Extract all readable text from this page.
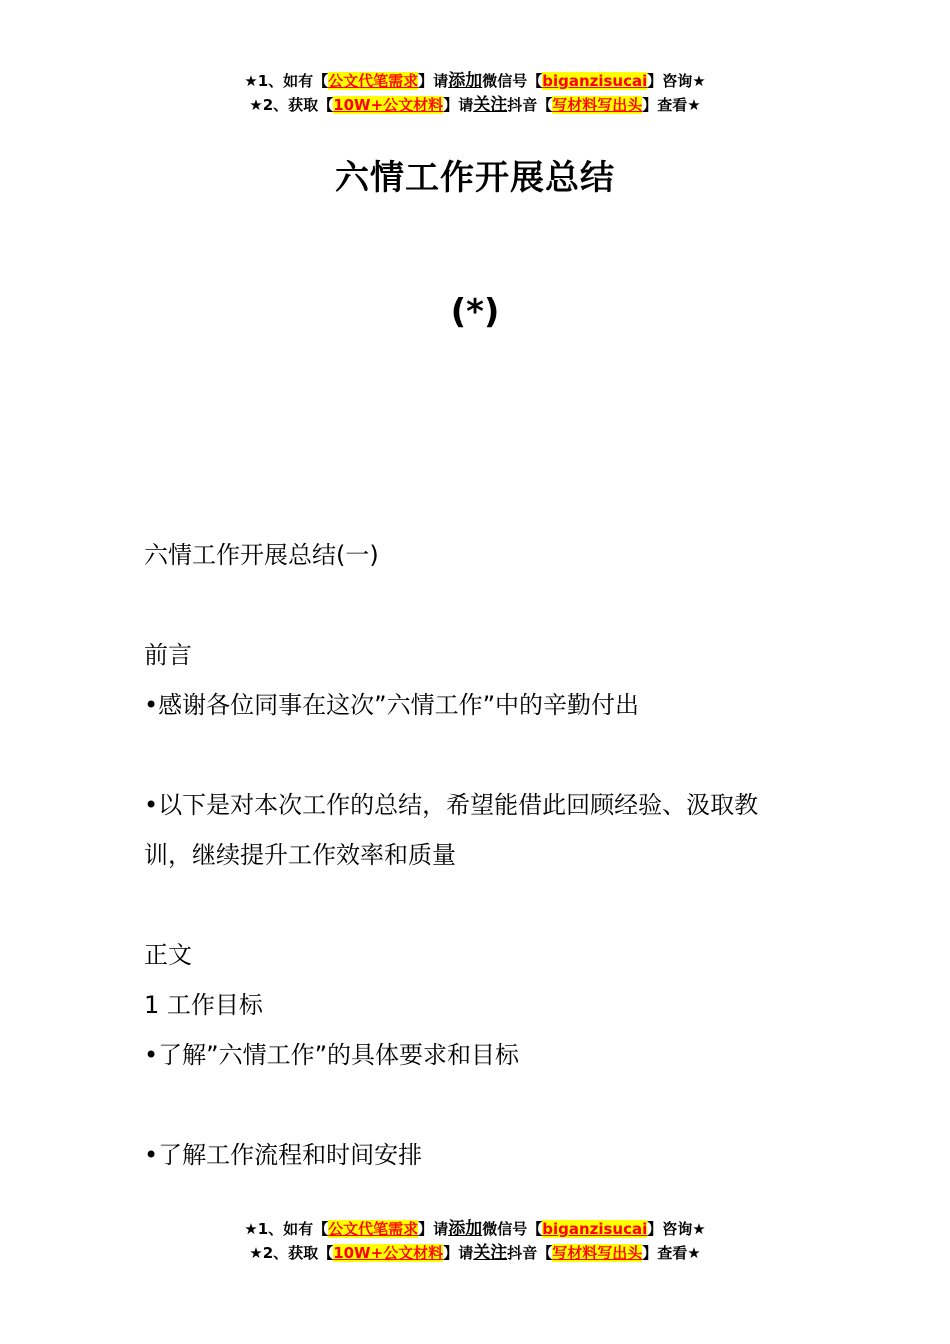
★1、如有【公文代笔需求】请添加微信号【biganzisucai】咨询★
★2、获取【10W+公文材料】请关注抖音【写材料写出头】查看★
六情工作开展总结
(*)
六情工作开展总结(一)
前言
•感谢各位同事在这次”六情工作”中的辛勤付出

•以下是对本次工作的总结，希望能借此回顾经验、汲取教
训，继续提升工作效率和质量

正文
1 工作目标
•了解”六情工作”的具体要求和目标

•了解工作流程和时间安排
★1、如有【公文代笔需求】请添加微信号【biganzisucai】咨询★
★2、获取【10W+公文材料】请关注抖音【写材料写出头】查看★
